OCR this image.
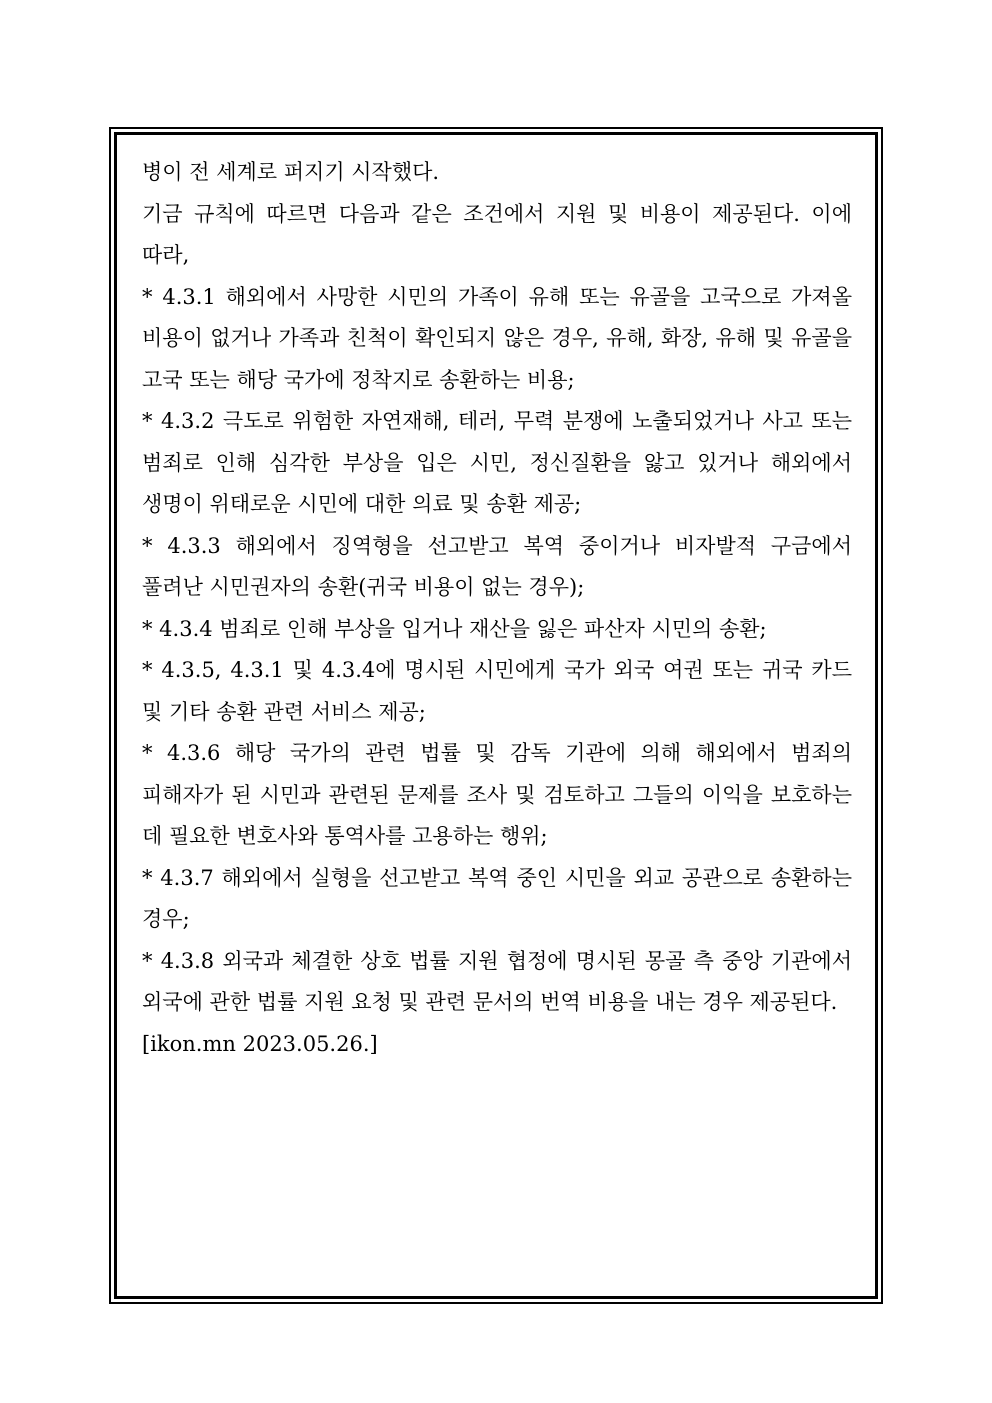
병이 전 세계로 퍼지기 시작했다.

기금 규칙에 따르면 다음과 같은 조건에서 지원 및 비용이 제공된다. 이에 따라,

* 4.3.1 해외에서 사망한 시민의 가족이 유해 또는 유골을 고국으로 가져올 비용이 없거나 가족과 친척이 확인되지 않은 경우, 유해, 화장, 유해 및 유골을 고국 또는 해당 국가에 정착지로 송환하는 비용;

* 4.3.2 극도로 위험한 자연재해, 테러, 무력 분쟁에 노출되었거나 사고 또는 범죄로 인해 심각한 부상을 입은 시민, 정신질환을 앓고 있거나 해외에서 생명이 위태로운 시민에 대한 의료 및 송환 제공;

* 4.3.3 해외에서 징역형을 선고받고 복역 중이거나 비자발적 구금에서 풀려난 시민권자의 송환(귀국 비용이 없는 경우);

* 4.3.4 범죄로 인해 부상을 입거나 재산을 잃은 파산자 시민의 송환;

* 4.3.5, 4.3.1 및 4.3.4에 명시된 시민에게 국가 외국 여권 또는 귀국 카드 및 기타 송환 관련 서비스 제공;

* 4.3.6 해당 국가의 관련 법률 및 감독 기관에 의해 해외에서 범죄의 피해자가 된 시민과 관련된 문제를 조사 및 검토하고 그들의 이익을 보호하는 데 필요한 변호사와 통역사를 고용하는 행위;

* 4.3.7 해외에서 실형을 선고받고 복역 중인 시민을 외교 공관으로 송환하는 경우;

* 4.3.8 외국과 체결한 상호 법률 지원 협정에 명시된 몽골 측 중앙 기관에서 외국에 관한 법률 지원 요청 및 관련 문서의 번역 비용을 내는 경우 제공된다.

[ikon.mn 2023.05.26.]
